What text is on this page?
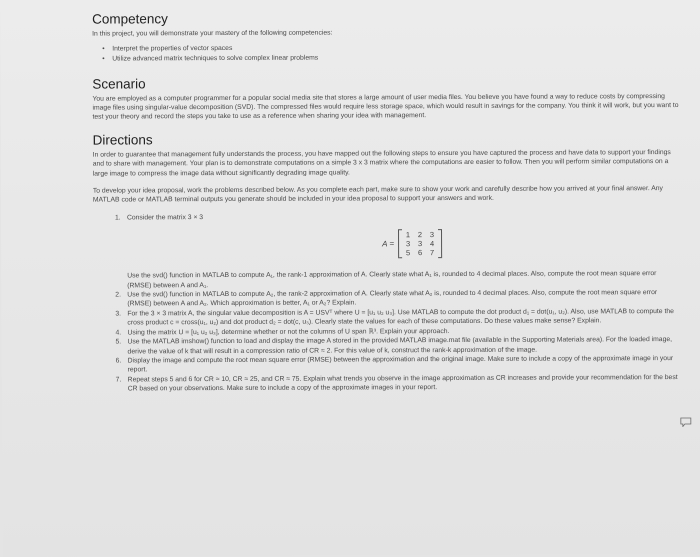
Competency

In this project, you will demonstrate your mastery of the following competencies:

• Interpret the properties of vector spaces
• Utilize advanced matrix techniques to solve complex linear problems
Scenario

You are employed as a computer programmer for a popular social media site that stores a large amount of user media files. You believe you have found a way to reduce costs by compressing image files using singular-value decomposition (SVD). The compressed files would require less storage space, which would result in savings for the company. You think it will work, but you want to test your theory and record the steps you take to use as a reference when sharing your idea with management.

Directions

In order to guarantee that management fully understands the process, you have mapped out the following steps to ensure you have captured the process and have data to support your findings and to share with management. Your plan is to demonstrate computations on a simple 3 x 3 matrix where the computations are easier to follow. Then you will perform similar computations on a large image to compress the image data without significantly degrading image quality.

To develop your idea proposal, work the problems described below. As you complete each part, make sure to show your work and carefully describe how you arrived at your final answer. Any MATLAB code or MATLAB terminal outputs you generate should be included in your idea proposal to support your answers and work.

1. Consider the matrix 3 × 3
A =
1	2	3
3	3	4
5	6	7
Use the svd() function in MATLAB to compute A₁, the rank-1 approximation of A. Clearly state what A₁ is, rounded to 4 decimal places. Also, compute the root mean square error (RMSE) between A and A₁.
2. Use the svd() function in MATLAB to compute A₂, the rank-2 approximation of A. Clearly state what A₂ is, rounded to 4 decimal places. Also, compute the root mean square error (RMSE) between A and A₂. Which approximation is better, A₁ or A₂? Explain.
3. For the 3 × 3 matrix A, the singular value decomposition is A = USVᵀ where U = [u₁ u₂ u₃]. Use MATLAB to compute the dot product d₁ = dot(u₁, u₂). Also, use MATLAB to compute the cross product c = cross(u₁, u₂) and dot product d₂ = dot(c, u₃). Clearly state the values for each of these computations. Do these values make sense? Explain.
4. Using the matrix U = [u₁ u₂ u₃], determine whether or not the columns of U span ℝ³. Explain your approach.
5. Use the MATLAB imshow() function to load and display the image A stored in the provided MATLAB image.mat file (available in the Supporting Materials area). For the loaded image, derive the value of k that will result in a compression ratio of CR ≈ 2. For this value of k, construct the rank-k approximation of the image.
6. Display the image and compute the root mean square error (RMSE) between the approximation and the original image. Make sure to include a copy of the approximate image in your report.
7. Repeat steps 5 and 6 for CR ≈ 10, CR ≈ 25, and CR ≈ 75. Explain what trends you observe in the image approximation as CR increases and provide your recommendation for the best CR based on your observations. Make sure to include a copy of the approximate images in your report.
